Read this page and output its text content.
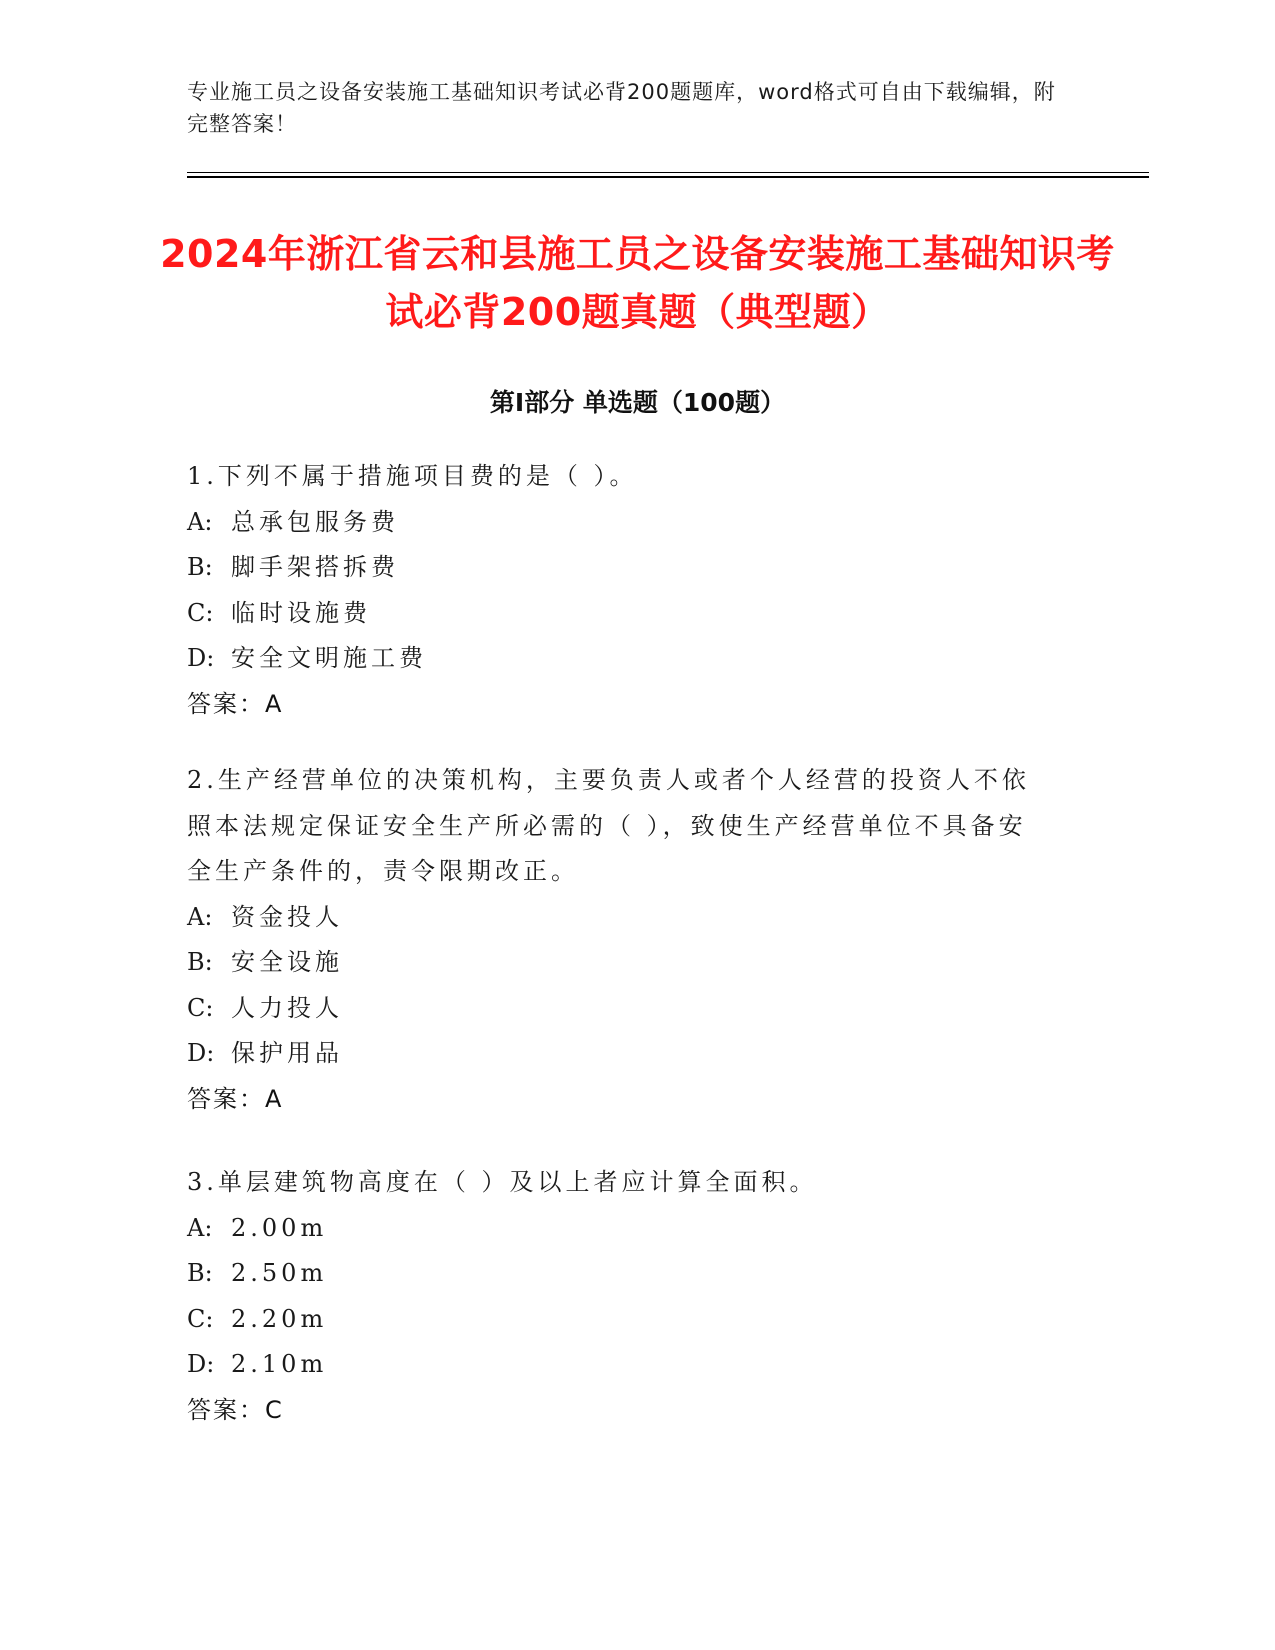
专业施工员之设备安装施工基础知识考试必背200题题库，word格式可自由下载编辑，附完整答案！
2024年浙江省云和县施工员之设备安装施工基础知识考试必背200题真题（典型题）
第I部分 单选题（100题）

1.下列不属于措施项目费的是（ ）。

A: 总承包服务费

B: 脚手架搭拆费

C: 临时设施费

D: 安全文明施工费

答案：A

2.生产经营单位的决策机构，主要负责人或者个人经营的投资人不依

照本法规定保证安全生产所必需的（ ），致使生产经营单位不具备安

全生产条件的，责令限期改正。

A: 资金投人

B: 安全设施

C: 人力投人

D: 保护用品

答案：A

3.单层建筑物高度在（ ）及以上者应计算全面积。

A: 2.00m

B: 2.50m

C: 2.20m

D: 2.10m

答案：C
